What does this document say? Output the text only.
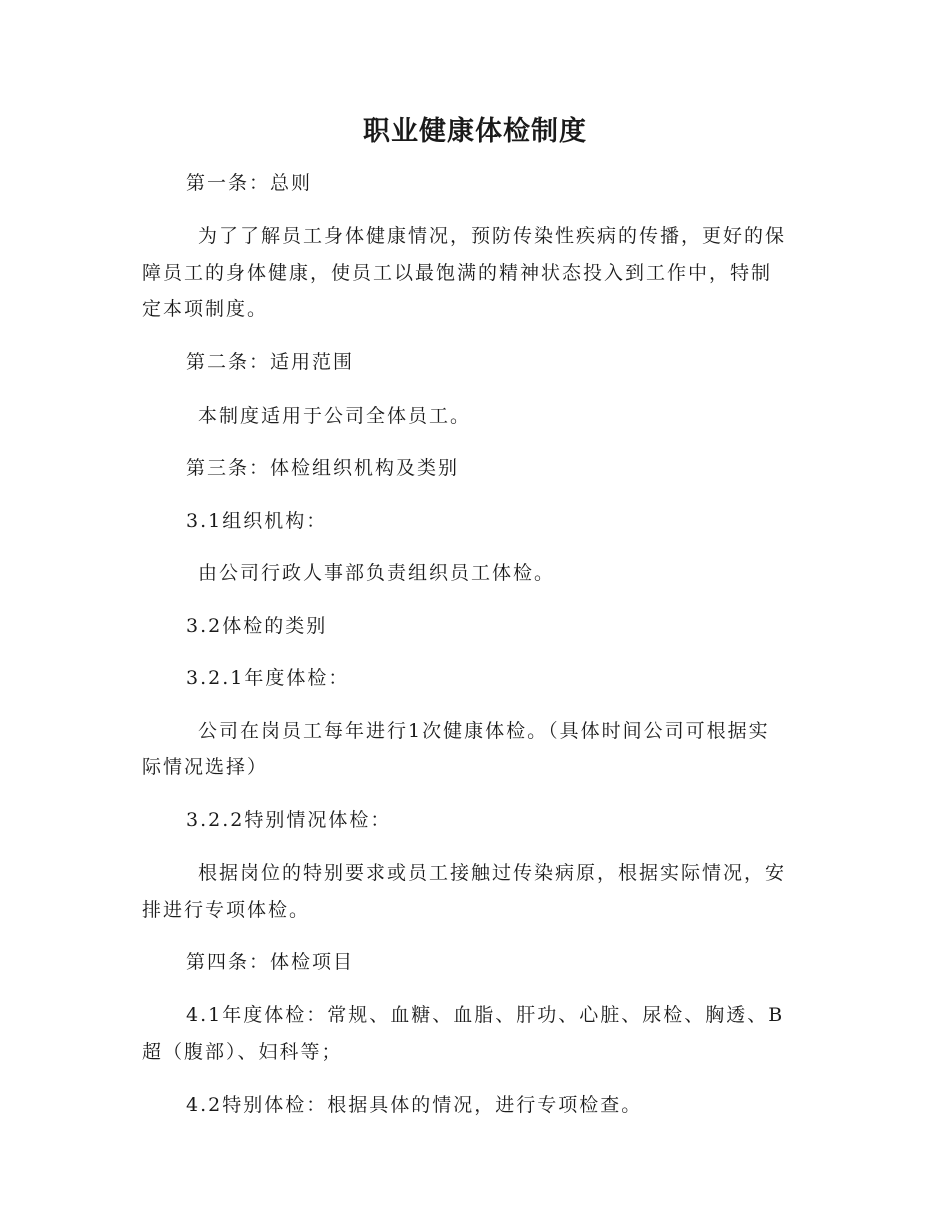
职业健康体检制度
第一条：总则
为了了解员工身体健康情况，预防传染性疾病的传播，更好的保
障员工的身体健康，使员工以最饱满的精神状态投入到工作中，特制
定本项制度。
第二条：适用范围
本制度适用于公司全体员工。
第三条：体检组织机构及类别
3.1组织机构：
由公司行政人事部负责组织员工体检。
3.2体检的类别
3.2.1年度体检：
公司在岗员工每年进行1次健康体检。（具体时间公司可根据实
际情况选择）
3.2.2特别情况体检：
根据岗位的特别要求或员工接触过传染病原，根据实际情况，安
排进行专项体检。
第四条：体检项目
4.1年度体检：常规、血糖、血脂、肝功、心脏、尿检、胸透、B
超（腹部）、妇科等；
4.2特别体检：根据具体的情况，进行专项检查。
